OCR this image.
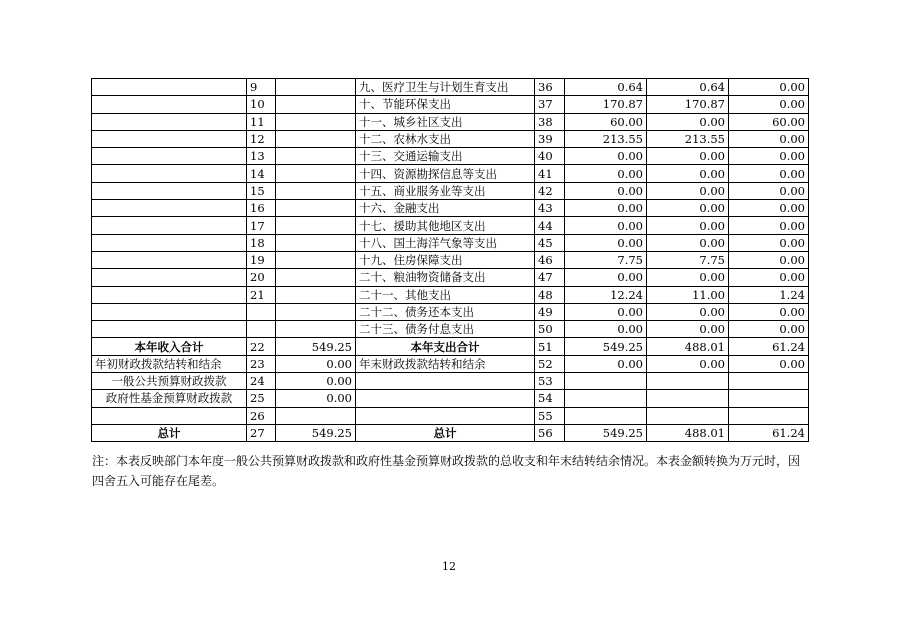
	9		九、医疗卫生与计划生育支出	36	0.64	0.64	0.00
	10		十、节能环保支出	37	170.87	170.87	0.00
	11		十一、城乡社区支出	38	60.00	0.00	60.00
	12		十二、农林水支出	39	213.55	213.55	0.00
	13		十三、交通运输支出	40	0.00	0.00	0.00
	14		十四、资源勘探信息等支出	41	0.00	0.00	0.00
	15		十五、商业服务业等支出	42	0.00	0.00	0.00
	16		十六、金融支出	43	0.00	0.00	0.00
	17		十七、援助其他地区支出	44	0.00	0.00	0.00
	18		十八、国土海洋气象等支出	45	0.00	0.00	0.00
	19		十九、住房保障支出	46	7.75	7.75	0.00
	20		二十、粮油物资储备支出	47	0.00	0.00	0.00
	21		二十一、其他支出	48	12.24	11.00	1.24
			二十二、债务还本支出	49	0.00	0.00	0.00
			二十三、债务付息支出	50	0.00	0.00	0.00
本年收入合计	22	549.25	本年支出合计	51	549.25	488.01	61.24
年初财政拨款结转和结余	23	0.00	年末财政拨款结转和结余	52	0.00	0.00	0.00
一般公共预算财政拨款	24	0.00		53			
政府性基金预算财政拨款	25	0.00		54			
	26			55			
总计	27	549.25	总计	56	549.25	488.01	61.24
注：本表反映部门本年度一般公共预算财政拨款和政府性基金预算财政拨款的总收支和年末结转结余情况。本表金额转换为万元时，因四舍五入可能存在尾差。
12
